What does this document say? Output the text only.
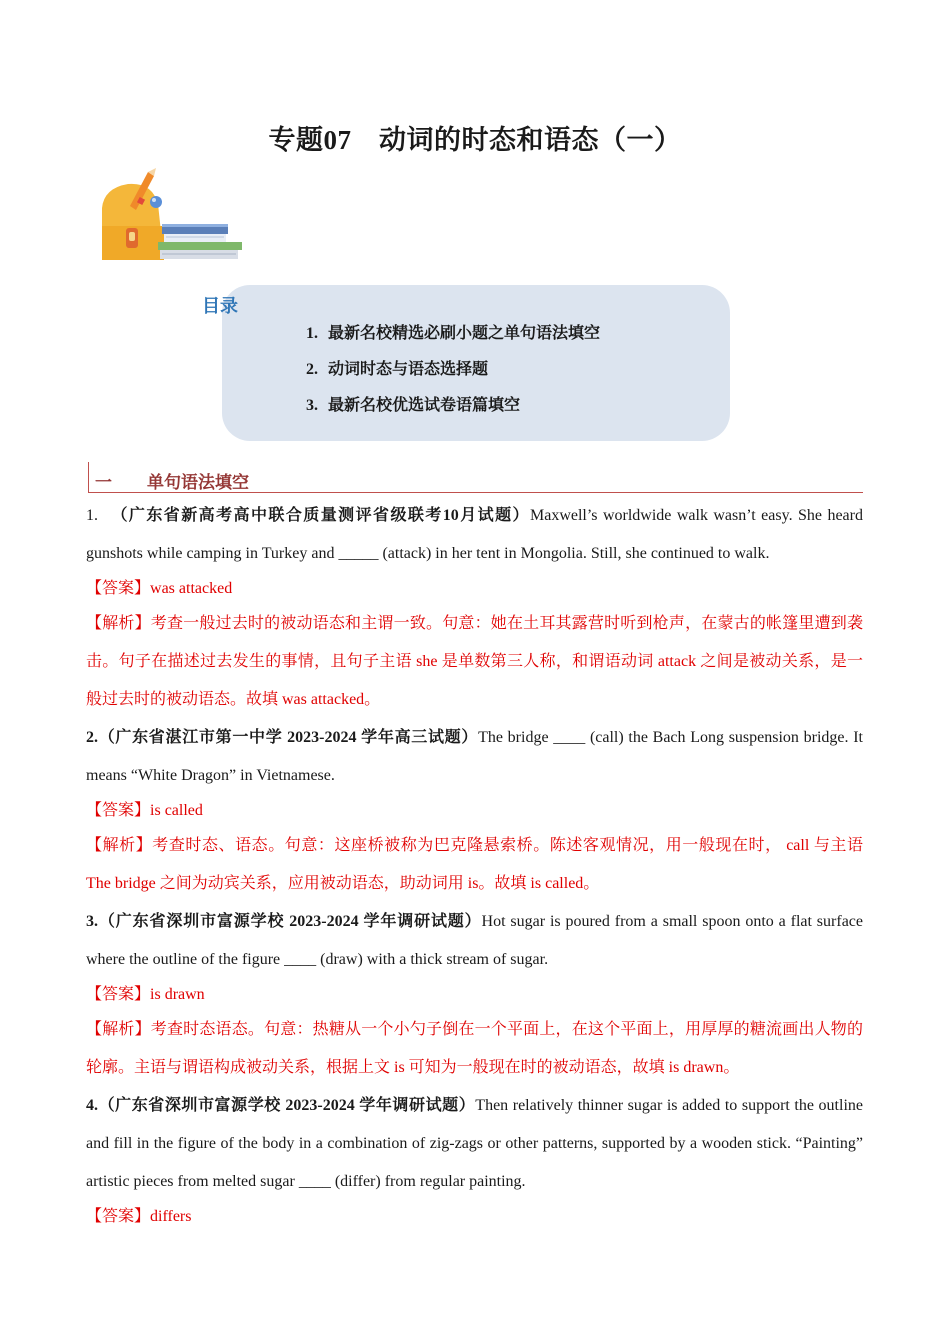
专题07　动词的时态和语态（一）
目录
1. 最新名校精选必刷小题之单句语法填空
2. 动词时态与语态选择题
3. 最新名校优选试卷语篇填空
一 单句语法填空

1. （广东省新高考高中联合质量测评省级联考10月试题）Maxwell’s worldwide walk wasn’t easy. She heard gunshots while camping in Turkey and _____ (attack) in her tent in Mongolia. Still, she continued to walk.

【答案】was attacked

【解析】考查一般过去时的被动语态和主谓一致。句意：她在土耳其露营时听到枪声，在蒙古的帐篷里遭到袭击。句子在描述过去发生的事情，且句子主语 she 是单数第三人称，和谓语动词 attack 之间是被动关系，是一般过去时的被动语态。故填 was attacked。

2.（广东省湛江市第一中学 2023-2024 学年高三试题）The bridge ____ (call) the Bach Long suspension bridge. It means “White Dragon” in Vietnamese.

【答案】is called

【解析】考查时态、语态。句意：这座桥被称为巴克隆悬索桥。陈述客观情况，用一般现在时， call 与主语 The bridge 之间为动宾关系，应用被动语态，助动词用 is。故填 is called。

3.（广东省深圳市富源学校 2023-2024 学年调研试题）Hot sugar is poured from a small spoon onto a flat surface where the outline of the figure ____ (draw) with a thick stream of sugar.

【答案】is drawn

【解析】考查时态语态。句意：热糖从一个小勺子倒在一个平面上，在这个平面上，用厚厚的糖流画出人物的轮廓。主语与谓语构成被动关系，根据上文 is 可知为一般现在时的被动语态，故填 is drawn。

4.（广东省深圳市富源学校 2023-2024 学年调研试题）Then relatively thinner sugar is added to support the outline and fill in the figure of the body in a combination of zig-zags or other patterns, supported by a wooden stick. “Painting” artistic pieces from melted sugar ____ (differ) from regular painting.

【答案】differs
